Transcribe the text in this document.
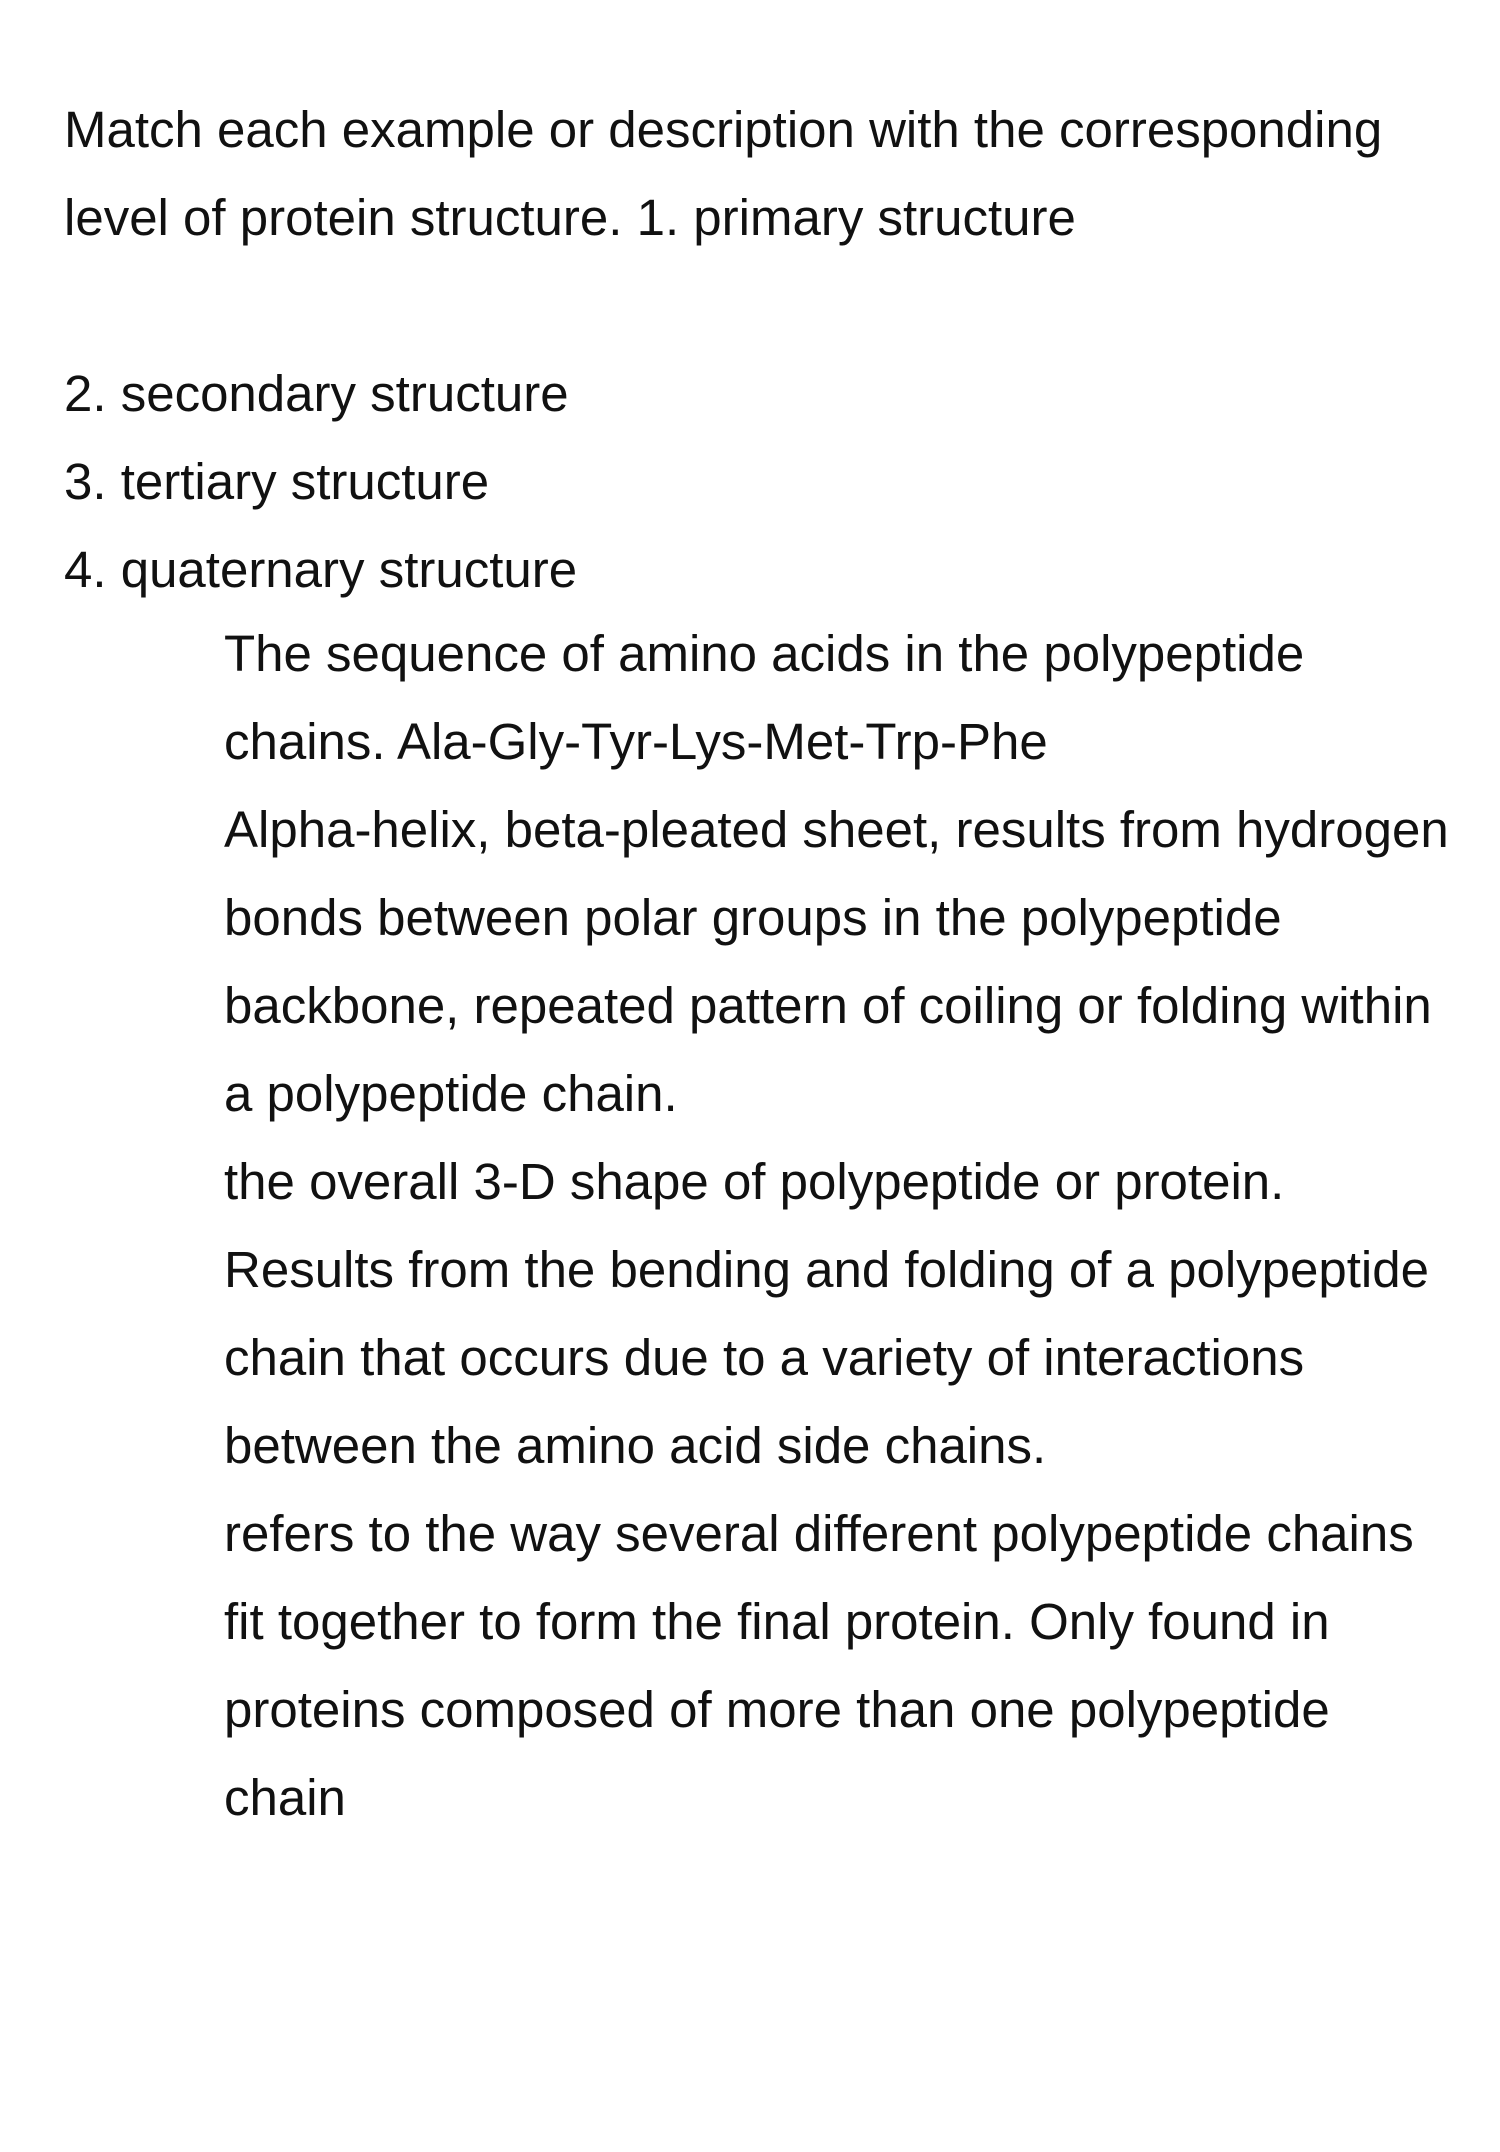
Match each example or description with the corresponding level of protein structure. 1. primary structure

2. secondary structure
3. tertiary structure
4. quaternary structure
The sequence of amino acids in the polypeptide chains. Ala-Gly-Tyr-Lys-Met-Trp-Phe
Alpha-helix, beta-pleated sheet, results from hydrogen bonds between polar groups in the polypeptide backbone, repeated pattern of coiling or folding within a polypeptide chain.
the overall 3-D shape of polypeptide or protein. Results from the bending and folding of a polypeptide chain that occurs due to a variety of interactions between the amino acid side chains.
refers to the way several different polypeptide chains fit together to form the final protein. Only found in proteins composed of more than one polypeptide chain
